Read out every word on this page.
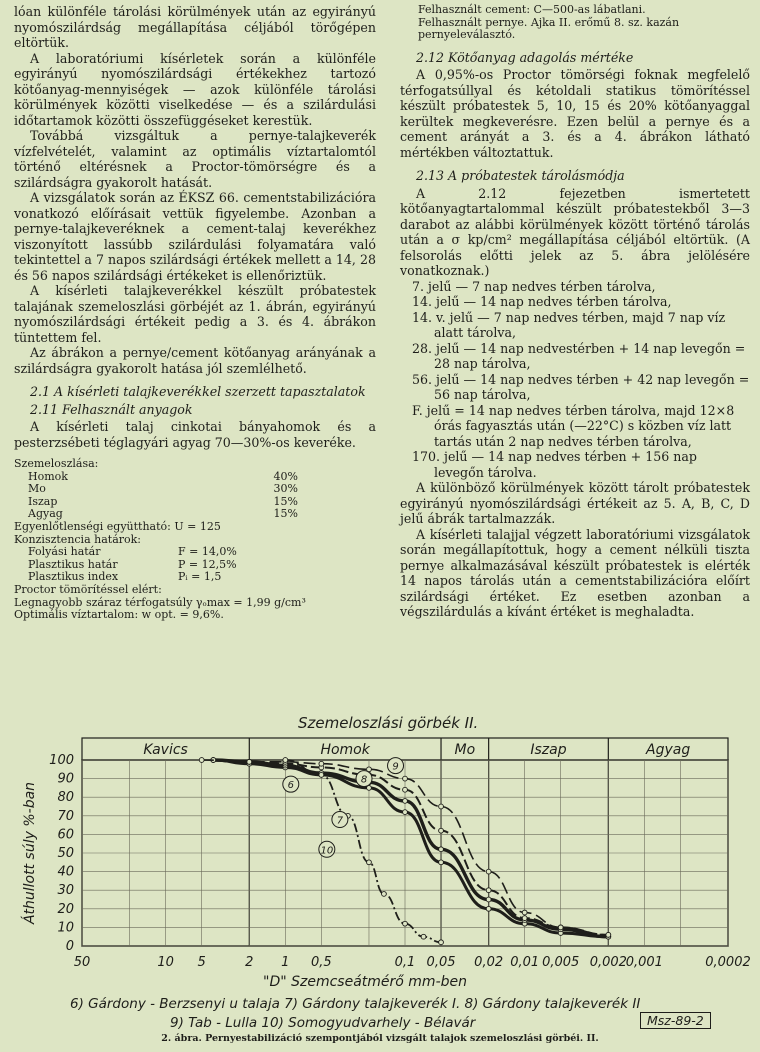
lóan különféle tárolási körülmények után az egyirányú nyomószilárdság megállapítása céljából törőgépen eltörtük.

A laboratóriumi kísérletek során a különféle egyirányú nyomószilárdsági értékekhez tartozó kötőanyag-mennyiségek — azok különféle tárolási körülmények közötti viselkedése — és a szilárdulási időtartamok közötti összefüggéseket kerestük.

Továbbá vizsgáltuk a pernye-talajkeverék vízfelvételét, valamint az optimális víztartalomtól történő eltérésnek a Proctor-tömörségre és a szilárdságra gyakorolt hatását.

A vizsgálatok során az ÉKSZ 66. cementstabilizációra vonatkozó előírásait vettük figyelembe. Azonban a pernye-talajkeveréknek a cement-talaj keverékhez viszonyított lassúbb szilárdulási folyamatára való tekintettel a 7 napos szilárdsági értékek mellett a 14, 28 és 56 napos szilárdsági értékeket is ellenőriztük.

A kísérleti talajkeverékkel készült próbatestek talajának szemeloszlási görbéjét az 1. ábrán, egyirányú nyomószilárdsági értékeit pedig a 3. és 4. ábrákon tüntettem fel.

Az ábrákon a pernye/cement kötőanyag arányának a szilárdságra gyakorolt hatása jól szemlélhető.

2.1 A kísérleti talajkeverékkel szerzett tapasztalatok
2.11 Felhasznált anyagok

A kísérleti talaj cinkotai bányahomok és a pesterzsébeti téglagyári agyag 70—30%-os keveréke.

Szemeloszlása:
Homok	40%
Mo	30%
Iszap	15%
Agyag	15%
Egyenlőtlenségi együttható: U = 125
Konzisztencia határok:
Folyási határ	F = 14,0%
Plasztikus határ	P = 12,5%
Plasztikus index	Pᵢ = 1,5
Proctor tömörítéssel elért:
Legnagyobb száraz térfogatsúly γₒmax = 1,99 g/cm³
Optimális víztartalom: w opt. = 9,6%.
Felhasznált cement: C—500-as lábatlani.
Felhasznált pernye. Ajka II. erőmű 8. sz. kazán pernyeleválasztó.
2.12 Kötőanyag adagolás mértéke

A 0,95%-os Proctor tömörségi foknak megfelelő térfogatsúllyal és kétoldali statikus tömörítéssel készült próbatestek 5, 10, 15 és 20% kötőanyaggal kerültek megkeverésre. Ezen belül a pernye és a cement arányát a 3. és a 4. ábrákon látható mértékben változtattuk.

2.13 A próbatestek tárolásmódja

A 2.12 fejezetben ismertetett kötőanyagtartalommal készült próbatestekből 3—3 darabot az alábbi körülmények között történő tárolás után a σ kp/cm² megállapítása céljából eltörtük. (A felsorolás előtti jelek az 5. ábra jelölésére vonatkoznak.)

7. jelű — 7 nap nedves térben tárolva,
14. jelű — 14 nap nedves térben tárolva,
14. v. jelű — 7 nap nedves térben, majd 7 nap víz alatt tárolva,
28. jelű — 14 nap nedvestérben + 14 nap levegőn = 28 nap tárolva,
56. jelű — 14 nap nedves térben + 42 nap levegőn = 56 nap tárolva,
F. jelű = 14 nap nedves térben tárolva, majd 12×8 órás fagyasztás után (—22°C) s közben víz latt tartás után 2 nap nedves térben tárolva,
170. jelű — 14 nap nedves térben + 156 nap levegőn tárolva.

A különböző körülmények között tárolt próbatestek egyirányú nyomószilárdsági értékeit az 5. A, B, C, D jelű ábrák tartalmazzák.

A kísérleti talajjal végzett laboratóriumi vizsgálatok során megállapítottuk, hogy a cement nélküli tiszta pernye alkalmazásával készült próbatestek is elérték 14 napos tárolás után a cementstabilizációra előírt szilárdsági értéket. Ez esetben azonban a végszilárdulás a kívánt értéket is meghaladta.

Szemeloszlási görbék II.
Kavics	Homok	Mo	Iszap	Agyag
100
90
80
70
60
50
40
30
20
10
0
50	10 5	2 1 0,5	0,1 0,05 0,02 0,01 0,005 0,002
0,001	0,0002
Áthullott súly %-ban
"D" Szemcseátmérő mm-ben
6
7
8
9
10
6) Gárdony - Berzsenyi u talaja 7) Gárdony talajkeverék I. 8) Gárdony talajkeverék II
9) Tab - Lulla 10) Somogyudvarhely - Bélavár	Msz-89-2
2. ábra. Pernyestabilizáció szempontjából vizsgált talajok szemeloszlási görbéi. II.
